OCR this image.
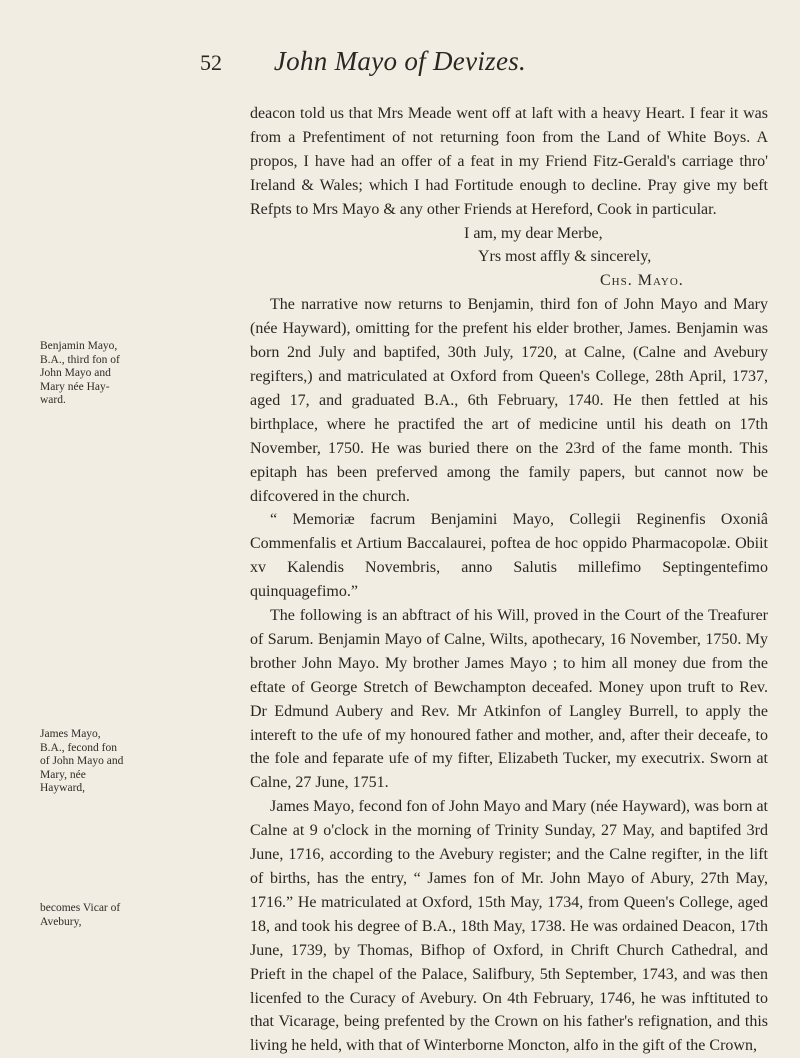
52	John Mayo of Devizes.
Benjamin Mayo, B.A., third fon of John Mayo and Mary née Hay-ward.
James Mayo, B.A., fecond fon of John Mayo and Mary, née Hayward,
becomes Vicar of Avebury,

deacon told us that Mrs Meade went off at laft with a heavy Heart. I fear it was from a Prefentiment of not returning foon from the Land of White Boys. A propos, I have had an offer of a feat in my Friend Fitz-Gerald's carriage thro' Ireland & Wales; which I had Fortitude enough to decline. Pray give my beft Refpts to Mrs Mayo & any other Friends at Hereford, Cook in particular.

I am, my dear Merbe,

Yrs most affly & sincerely,

Chs. Mayo.

The narrative now returns to Benjamin, third fon of John Mayo and Mary (née Hayward), omitting for the prefent his elder brother, James. Benjamin was born 2nd July and baptifed, 30th July, 1720, at Calne, (Calne and Avebury regifters,) and matriculated at Oxford from Queen's College, 28th April, 1737, aged 17, and graduated B.A., 6th February, 1740. He then fettled at his birthplace, where he practifed the art of medicine until his death on 17th November, 1750. He was buried there on the 23rd of the fame month. This epitaph has been preferved among the family papers, but cannot now be difcovered in the church.

“ Memoriæ facrum Benjamini Mayo, Collegii Reginenfis Oxoniâ Commenfalis et Artium Baccalaurei, poftea de hoc oppido Pharmacopolæ. Obiit xv Kalendis Novembris, anno Salutis millefimo Septingentefimo quinquagefimo.”

The following is an abftract of his Will, proved in the Court of the Treafurer of Sarum. Benjamin Mayo of Calne, Wilts, apothecary, 16 November, 1750. My brother John Mayo. My brother James Mayo ; to him all money due from the eftate of George Stretch of Bewchampton deceafed. Money upon truft to Rev. Dr Edmund Aubery and Rev. Mr Atkinfon of Langley Burrell, to apply the intereft to the ufe of my honoured father and mother, and, after their deceafe, to the fole and feparate ufe of my fifter, Elizabeth Tucker, my executrix. Sworn at Calne, 27 June, 1751.

James Mayo, fecond fon of John Mayo and Mary (née Hayward), was born at Calne at 9 o'clock in the morning of Trinity Sunday, 27 May, and baptifed 3rd June, 1716, according to the Avebury register; and the Calne regifter, in the lift of births, has the entry, “ James fon of Mr. John Mayo of Abury, 27th May, 1716.” He matriculated at Oxford, 15th May, 1734, from Queen's College, aged 18, and took his degree of B.A., 18th May, 1738. He was ordained Deacon, 17th June, 1739, by Thomas, Bifhop of Oxford, in Chrift Church Cathedral, and Prieft in the chapel of the Palace, Salifbury, 5th September, 1743, and was then licenfed to the Curacy of Avebury. On 4th February, 1746, he was inftituted to that Vicarage, being prefented by the Crown on his father's refignation, and this living he held, with that of Winterborne Moncton, alfo in the gift of the Crown,
